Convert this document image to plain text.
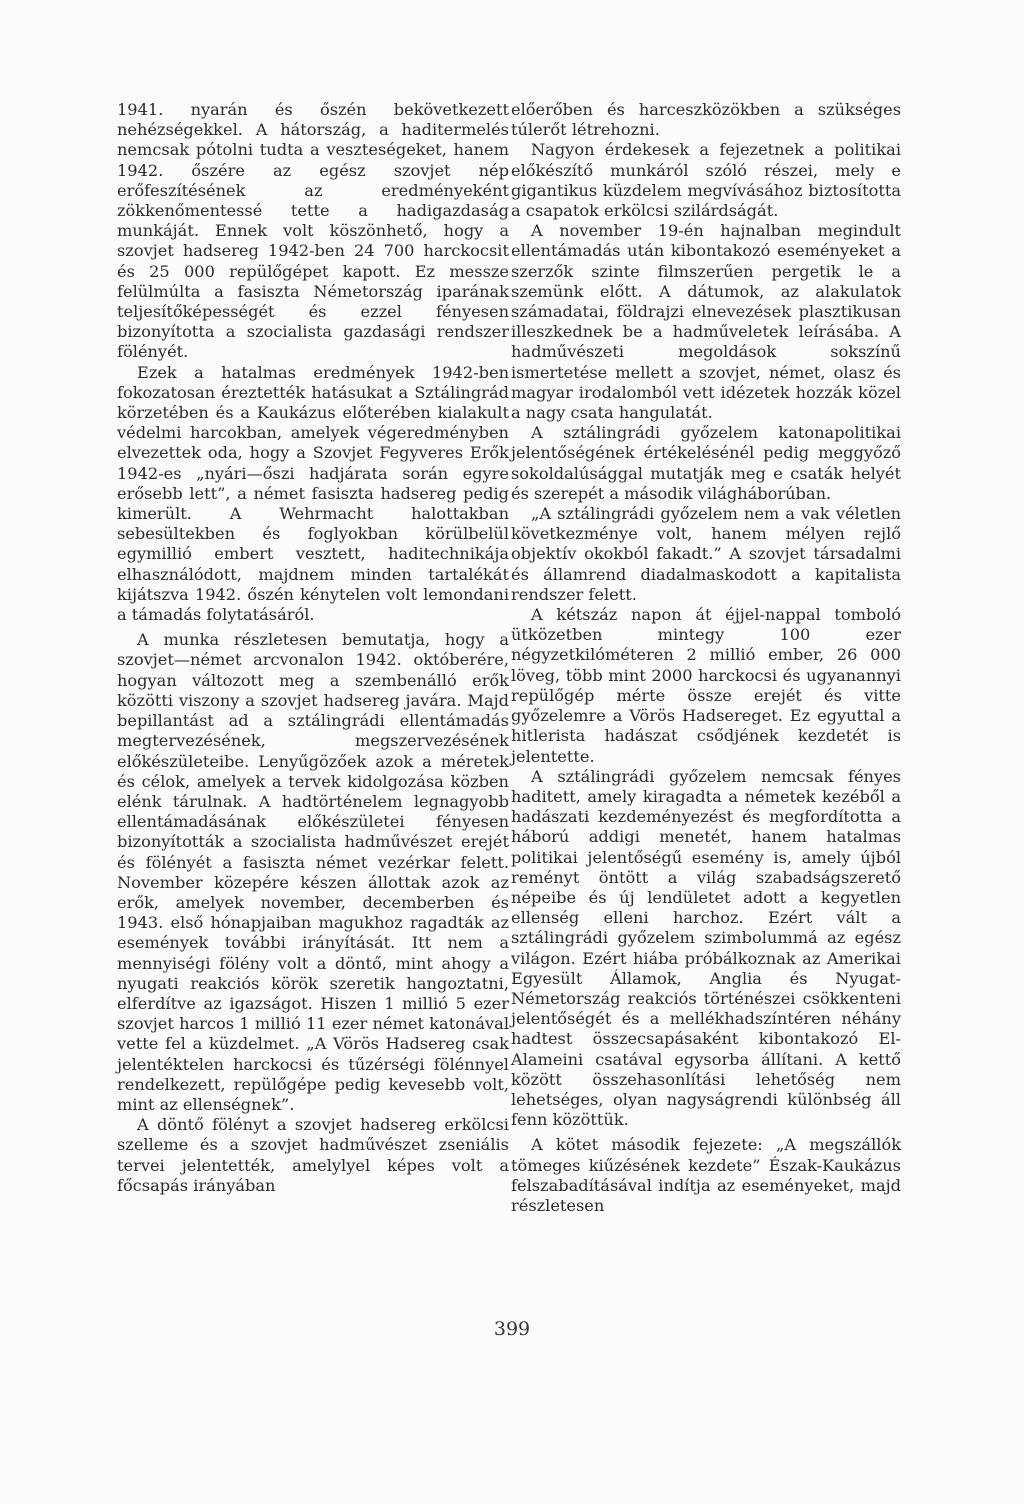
1941. nyarán és őszén bekövetkezett nehézségekkel. A hátország, a haditermelés nemcsak pótolni tudta a veszteségeket, hanem 1942. őszére az egész szovjet nép erőfeszítésének az eredményeként zökkenőmentessé tette a hadigazdaság munkáját. Ennek volt köszönhető, hogy a szovjet hadsereg 1942-ben 24 700 harckocsit és 25 000 repülőgépet kapott. Ez messze felülmúlta a fasiszta Németország iparának teljesítőképességét és ezzel fényesen bizonyította a szocialista gazdasági rendszer fölényét.

Ezek a hatalmas eredmények 1942-ben fokozatosan éreztették hatásukat a Sztálingrád körzetében és a Kaukázus előterében kialakult védelmi harcokban, amelyek végeredményben elvezettek oda, hogy a Szovjet Fegyveres Erők 1942-es „nyári—őszi hadjárata során egyre erősebb lett”, a német fasiszta hadsereg pedig kimerült. A Wehrmacht halottakban sebesültekben és foglyokban körülbelül egymillió embert vesztett, haditechnikája elhasználódott, majdnem minden tartalékát kijátszva 1942. őszén kénytelen volt lemondani a támadás folytatásáról.

A munka részletesen bemutatja, hogy a szovjet—német arcvonalon 1942. októberére, hogyan változott meg a szembenálló erők közötti viszony a szovjet hadsereg javára. Majd bepillantást ad a sztálingrádi ellentámadás megtervezésének, megszervezésének előkészületeibe. Lenyűgözőek azok a méretek és célok, amelyek a tervek kidolgozása közben elénk tárulnak. A hadtörténelem legnagyobb ellentámadásának előkészületei fényesen bizonyították a szocialista hadművészet erejét és fölényét a fasiszta német vezérkar felett. November közepére készen állottak azok az erők, amelyek november, decemberben és 1943. első hónapjaiban magukhoz ragadták az események további irányítását. Itt nem a mennyiségi fölény volt a döntő, mint ahogy a nyugati reakciós körök szeretik hangoztatni, elferdítve az igazságot. Hiszen 1 millió 5 ezer szovjet harcos 1 millió 11 ezer német katonával vette fel a küzdelmet. „A Vörös Hadsereg csak jelentéktelen harckocsi és tűzérségi fölénnyel rendelkezett, repülőgépe pedig kevesebb volt, mint az ellenségnek”.

A döntő fölényt a szovjet hadsereg erkölcsi szelleme és a szovjet hadművészet zseniális tervei jelentették, amelylyel képes volt a főcsapás irányában

előerőben és harceszközökben a szükséges túlerőt létrehozni.

Nagyon érdekesek a fejezetnek a politikai előkészítő munkáról szóló részei, mely e gigantikus küzdelem megvívásához biztosította a csapatok erkölcsi szilárdságát.

A november 19-én hajnalban megindult ellentámadás után kibontakozó eseményeket a szerzők szinte filmszerűen pergetik le a szemünk előtt. A dátumok, az alakulatok számadatai, földrajzi elnevezések plasztikusan illeszkednek be a hadműveletek leírásába. A hadművészeti megoldások sokszínű ismertetése mellett a szovjet, német, olasz és magyar irodalomból vett idézetek hozzák közel a nagy csata hangulatát.

A sztálingrádi győzelem katonapolitikai jelentőségének értékelésénél pedig meggyőző sokoldalúsággal mutatják meg e csaták helyét és szerepét a második világháborúban.

„A sztálingrádi győzelem nem a vak véletlen következménye volt, hanem mélyen rejlő objektív okokból fakadt.” A szovjet társadalmi és államrend diadalmaskodott a kapitalista rendszer felett.

A kétszáz napon át éjjel-nappal tomboló ütközetben mintegy 100 ezer négyzetkilóméteren 2 millió ember, 26 000 löveg, több mint 2000 harckocsi és ugyanannyi repülőgép mérte össze erejét és vitte győzelemre a Vörös Hadsereget. Ez egyuttal a hitlerista hadászat csődjének kezdetét is jelentette.

A sztálingrádi győzelem nemcsak fényes haditett, amely kiragadta a németek kezéből a hadászati kezdeményezést és megfordította a háború addigi menetét, hanem hatalmas politikai jelentőségű esemény is, amely újból reményt öntött a világ szabadságszerető népeibe és új lendületet adott a kegyetlen ellenség elleni harchoz. Ezért vált a sztálingrádi győzelem szimbolummá az egész világon. Ezért hiába próbálkoznak az Amerikai Egyesült Államok, Anglia és Nyugat-Németország reakciós történészei csökkenteni jelentőségét és a mellékhadszíntéren néhány hadtest összecsapásaként kibontakozó El-Alameini csatával egysorba állítani. A kettő között összehasonlítási lehetőség nem lehetséges, olyan nagyságrendi különbség áll fenn közöttük.

A kötet második fejezete: „A megszállók tömeges kiűzésének kezdete” Észak-Kaukázus felszabadításával indítja az eseményeket, majd részletesen

399
